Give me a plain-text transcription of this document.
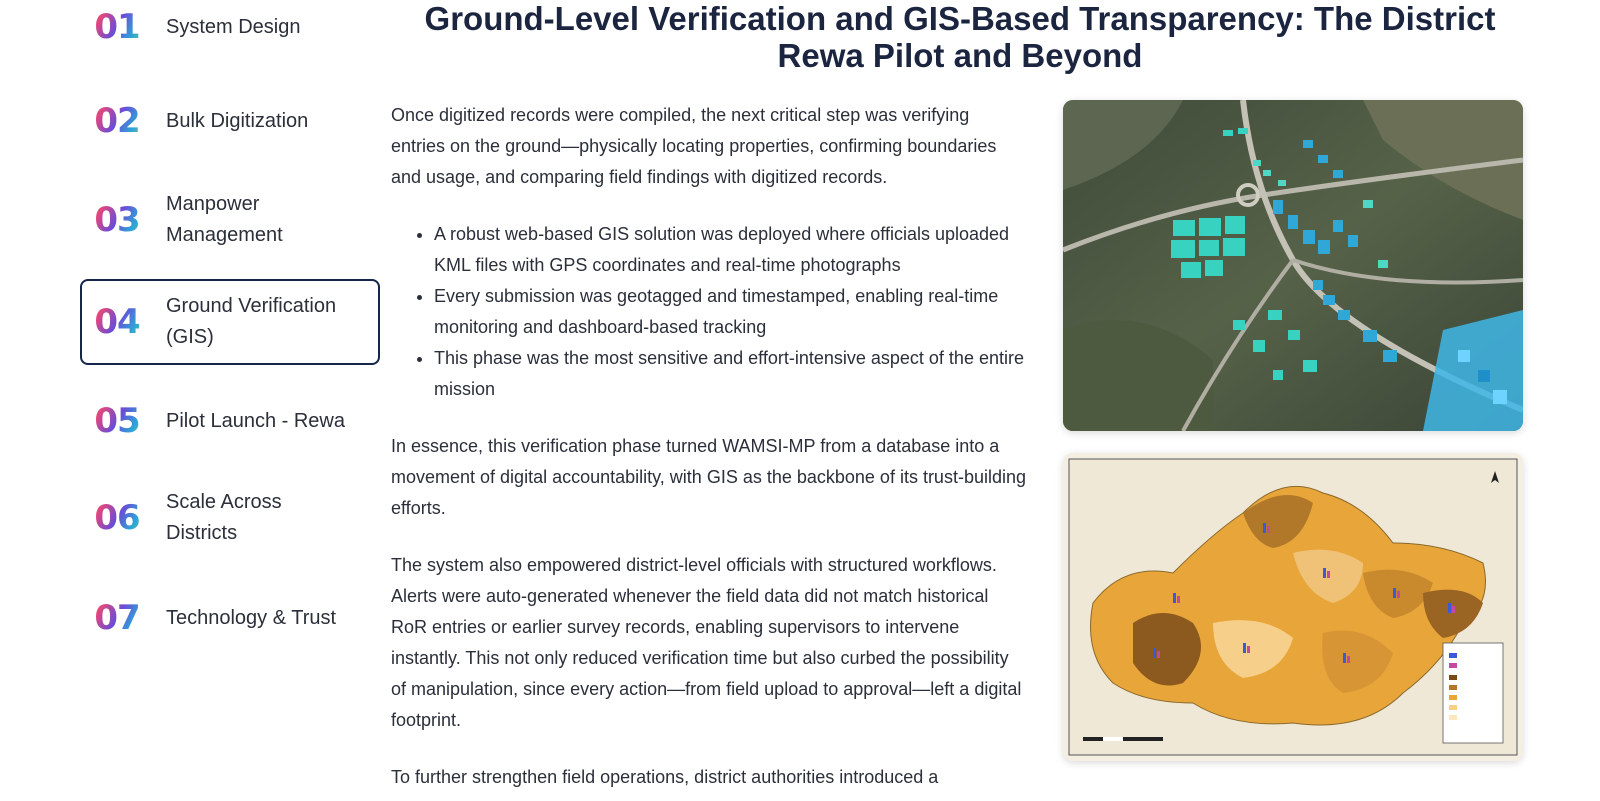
01	System Design
02	Bulk Digitization
03	Manpower Management
04	Ground Verification (GIS)
05	Pilot Launch - Rewa
06	Scale Across Districts
07	Technology & Trust
Ground-Level Verification and GIS-Based Transparency: The District Rewa Pilot and Beyond

Once digitized records were compiled, the next critical step was verifying entries on the ground—physically locating properties, confirming boundaries and usage, and comparing field findings with digitized records.

• A robust web-based GIS solution was deployed where officials uploaded KML files with GPS coordinates and real-time photographs
• Every submission was geotagged and timestamped, enabling real-time monitoring and dashboard-based tracking
• This phase was the most sensitive and effort-intensive aspect of the entire mission

In essence, this verification phase turned WAMSI-MP from a database into a movement of digital accountability, with GIS as the backbone of its trust-building efforts.

The system also empowered district-level officials with structured workflows. Alerts were auto-generated whenever the field data did not match historical RoR entries or earlier survey records, enabling supervisors to intervene instantly. This not only reduced verification time but also curbed the possibility of manipulation, since every action—from field upload to approval—left a digital footprint.

To further strengthen field operations, district authorities introduced a
